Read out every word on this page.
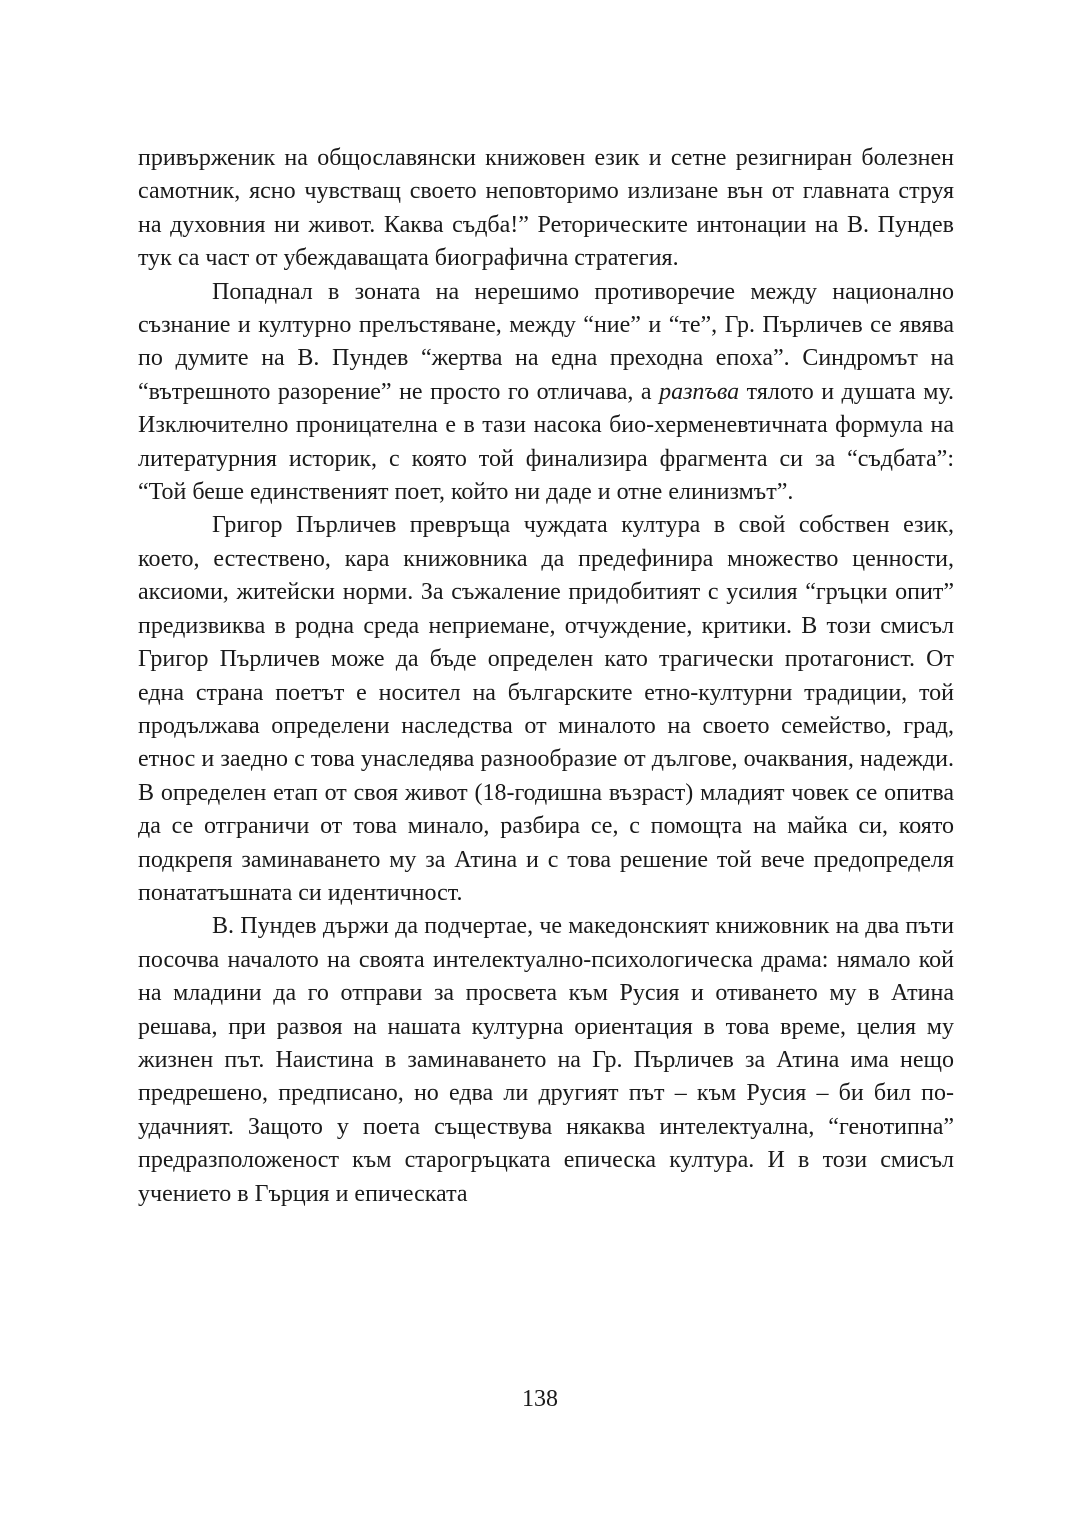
привърженик на общославянски книжовен език и сетне резигниран болезнен самотник, ясно чувстващ своето неповторимо излизане вън от главната струя на духовния ни живот. Каква съдба!” Реторическите интонации на В. Пундев тук са част от убеждаващата биографична стратегия.

Попаднал в зоната на нерешимо противоречие между национално съзнание и културно прелъстяване, между “ние” и “те”, Гр. Пърличев се явява по думите на В. Пундев “жертва на една преходна епоха”. Синдромът на “вътрешното разорение” не просто го отличава, а разпъва тялото и душата му. Изключително проницателна е в тази насока био-херменевтичната формула на литературния историк, с която той финализира фрагмента си за “съдбата”: “Той беше единственият поет, който ни даде и отне елинизмът”.

Григор Пърличев превръща чуждата култура в свой собствен език, което, естествено, кара книжовника да предефинира множество ценности, аксиоми, житейски норми. За съжаление придобитият с усилия “гръцки опит” предизвиква в родна среда неприемане, отчуждение, критики. В този смисъл Григор Пърличев може да бъде определен като трагически протагонист. От една страна поетът е носител на българските етно-културни традиции, той продължава определени наследства от миналото на своето семейство, град, етнос и заедно с това унаследява разнообразие от дългове, очаквания, надежди. В определен етап от своя живот (18-годишна възраст) младият човек се опитва да се отграничи от това минало, разбира се, с помощта на майка си, която подкрепя заминаването му за Атина и с това решение той вече предопределя понататъшната си идентичност.

В. Пундев държи да подчертае, че македонският книжовник на два пъти посочва началото на своята интелектуално-психологическа драма: нямало кой на младини да го отправи за просвета към Русия и отиването му в Атина решава, при развоя на нашата културна ориентация в това време, целия му жизнен път. Наистина в заминаването на Гр. Пърличев за Атина има нещо предрешено, предписано, но едва ли другият път – към Русия – би бил по-удачният. Защото у поета съществува някаква интелектуална, “генотипна” предразположеност към старогръцката епическа култура. И в този смисъл учението в Гърция и епическата

138
